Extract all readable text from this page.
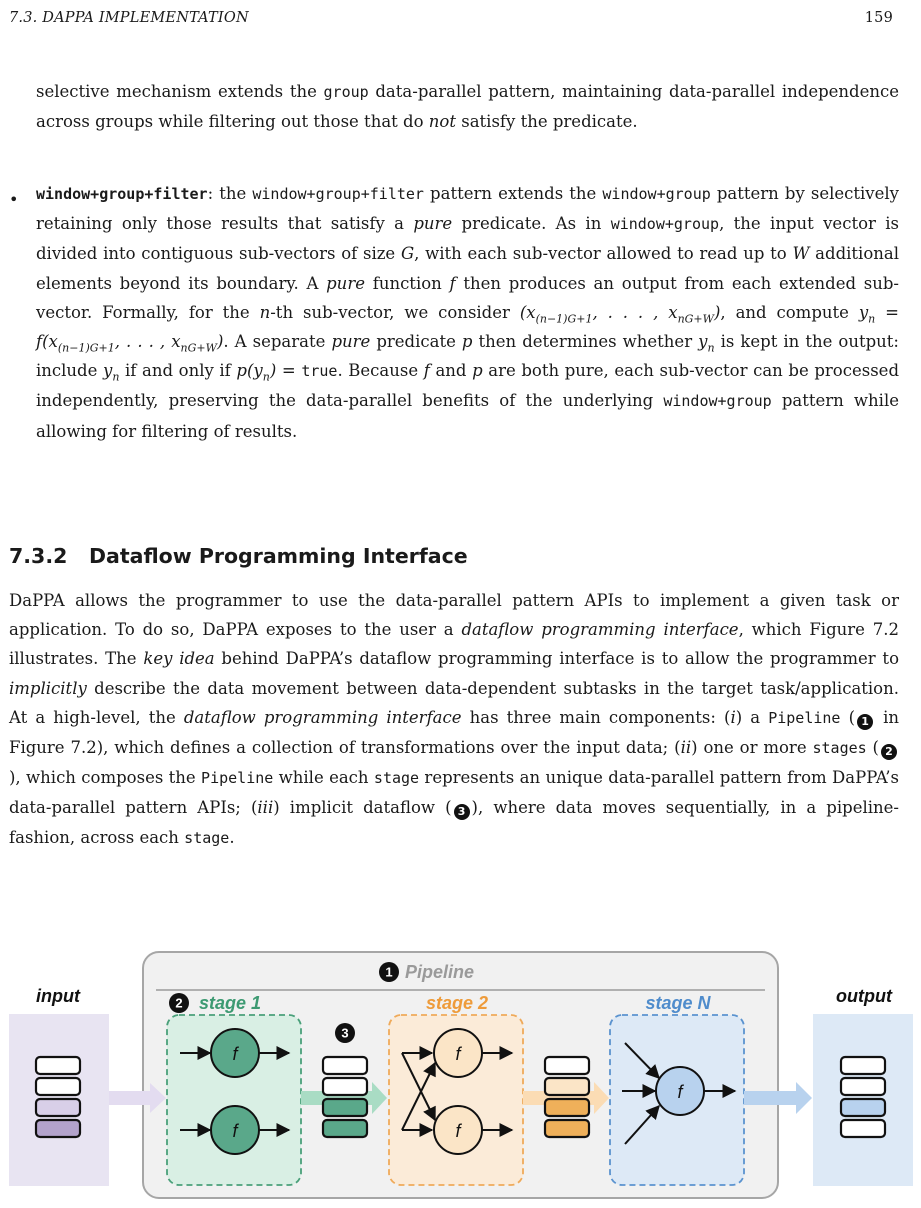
7.3. DAPPA IMPLEMENTATION	159
selective mechanism extends the group data-parallel pattern, maintaining data-parallel independence across groups while filtering out those that do not satisfy the predicate.
• window+group+filter: the window+group+filter pattern extends the window+group pattern by selectively retaining only those results that satisfy a pure predicate. As in window+group, the input vector is divided into contiguous sub-vectors of size G, with each sub-vector allowed to read up to W additional elements beyond its boundary. A pure function f then produces an output from each extended sub-vector. Formally, for the n-th sub-vector, we consider ($x_{(n-1)G+1}$, . . . , $x_{nG+W}$), and compute $y_n = f(x_{(n-1)G+1}$, . . . , $x_{nG+W}$). A separate pure predicate p then determines whether $y_n$ is kept in the output: include $y_n$ if and only if $p(y_n)$ = true. Because f and p are both pure, each sub-vector can be processed independently, preserving the data-parallel benefits of the underlying window+group pattern while allowing for filtering of results.
7.3.2 Dataflow Programming Interface
DaPPA allows the programmer to use the data-parallel pattern APIs to implement a given task or application. To do so, DaPPA exposes to the user a dataflow programming interface, which Figure 7.2 illustrates. The key idea behind DaPPA’s dataflow programming interface is to allow the programmer to implicitly describe the data movement between data-dependent subtasks in the target task/application. At a high-level, the dataflow programming interface has three main components: (i) a Pipeline ( 1 in Figure 7.2), which defines a collection of transformations over the input data; (ii) one or more stages ( 2), which composes the Pipeline while each stage represents an unique data-parallel pattern from DaPPA’s data-parallel pattern APIs; (iii) implicit dataflow ( 3 ), where data moves sequentially, in a pipeline-fashion, across each stage.
1 Pipeline
input	2 stage 1
f
f
3
stage 2
f
f
stage N
f
output
